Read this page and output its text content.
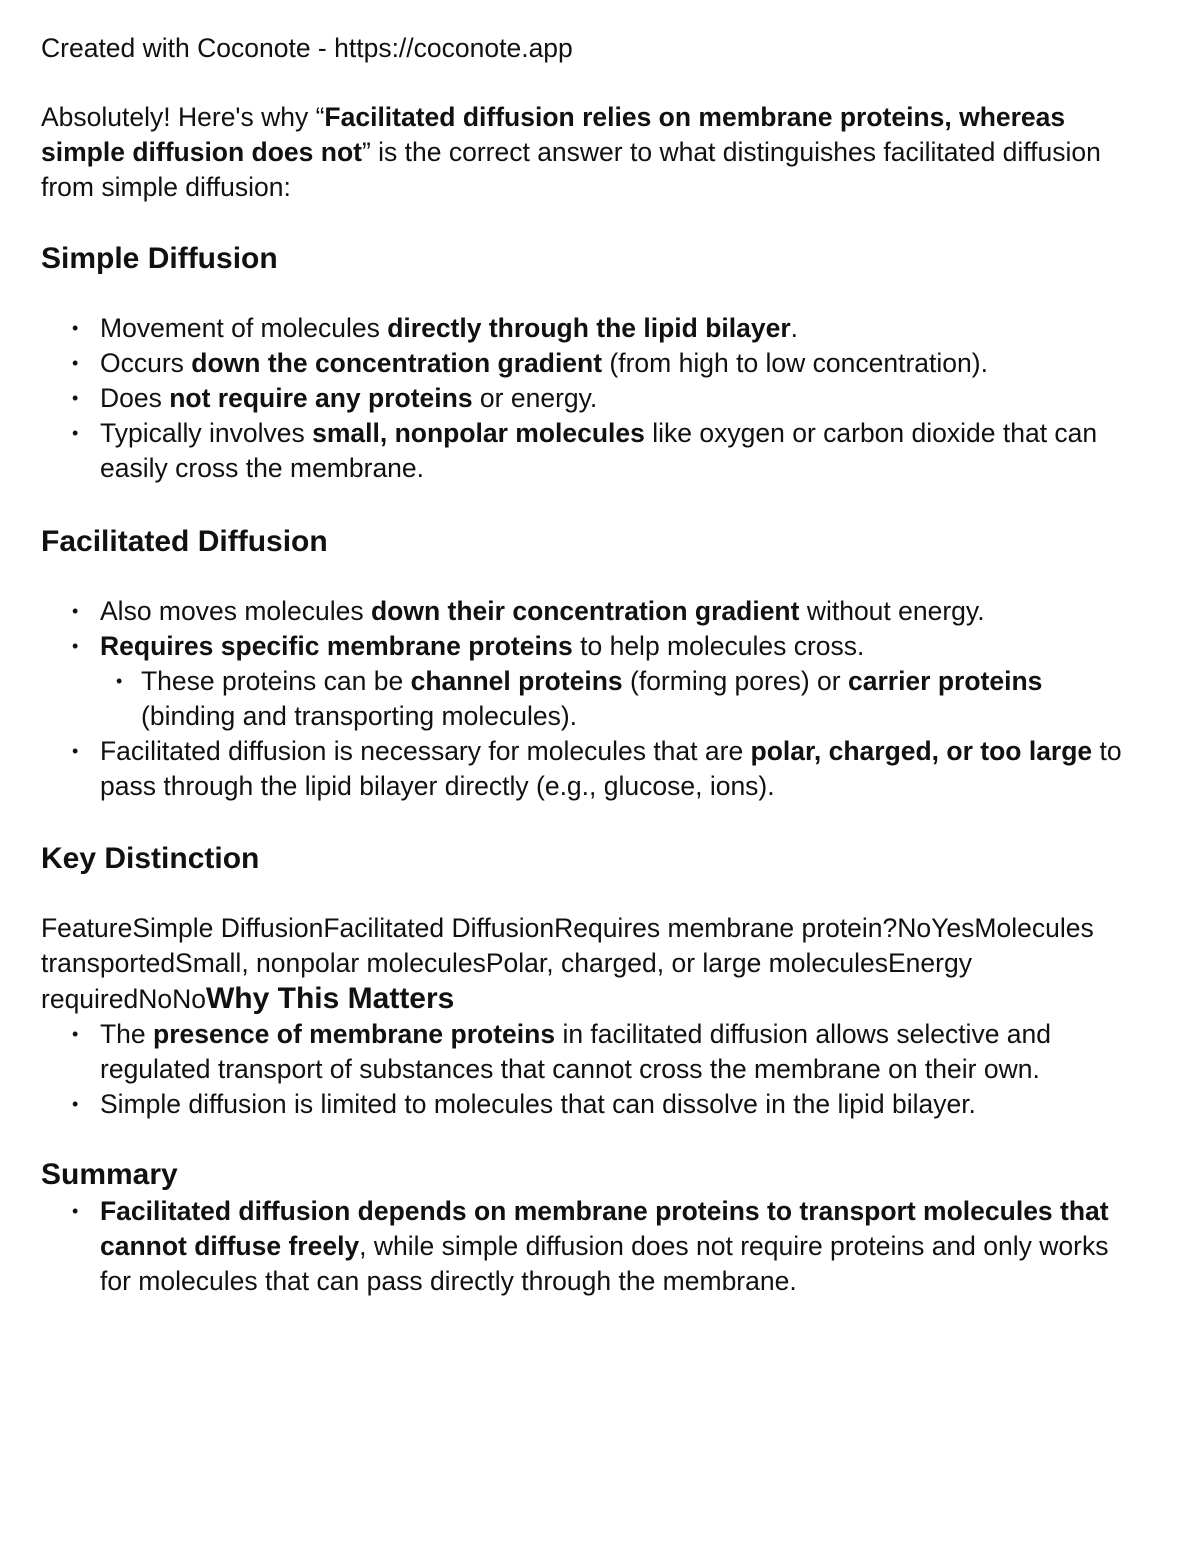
Created with Coconote - https://coconote.app

Absolutely! Here's why “Facilitated diffusion relies on membrane proteins, whereas simple diffusion does not” is the correct answer to what distinguishes facilitated diffusion from simple diffusion:

Simple Diffusion
• Movement of molecules directly through the lipid bilayer.
• Occurs down the concentration gradient (from high to low concentration).
• Does not require any proteins or energy.
• Typically involves small, nonpolar molecules like oxygen or carbon dioxide that can easily cross the membrane.
Facilitated Diffusion
• Also moves molecules down their concentration gradient without energy.
• Requires specific membrane proteins to help molecules cross.
• These proteins can be channel proteins (forming pores) or carrier proteins (binding and transporting molecules).
• Facilitated diffusion is necessary for molecules that are polar, charged, or too large to pass through the lipid bilayer directly (e.g., glucose, ions).
Key Distinction

FeatureSimple DiffusionFacilitated DiffusionRequires membrane protein?NoYesMolecules transportedSmall, nonpolar moleculesPolar, charged, or large moleculesEnergy requiredNoNoWhy This Matters

• The presence of membrane proteins in facilitated diffusion allows selective and regulated transport of substances that cannot cross the membrane on their own.
• Simple diffusion is limited to molecules that can dissolve in the lipid bilayer.
Summary
• Facilitated diffusion depends on membrane proteins to transport molecules that cannot diffuse freely, while simple diffusion does not require proteins and only works for molecules that can pass directly through the membrane.
